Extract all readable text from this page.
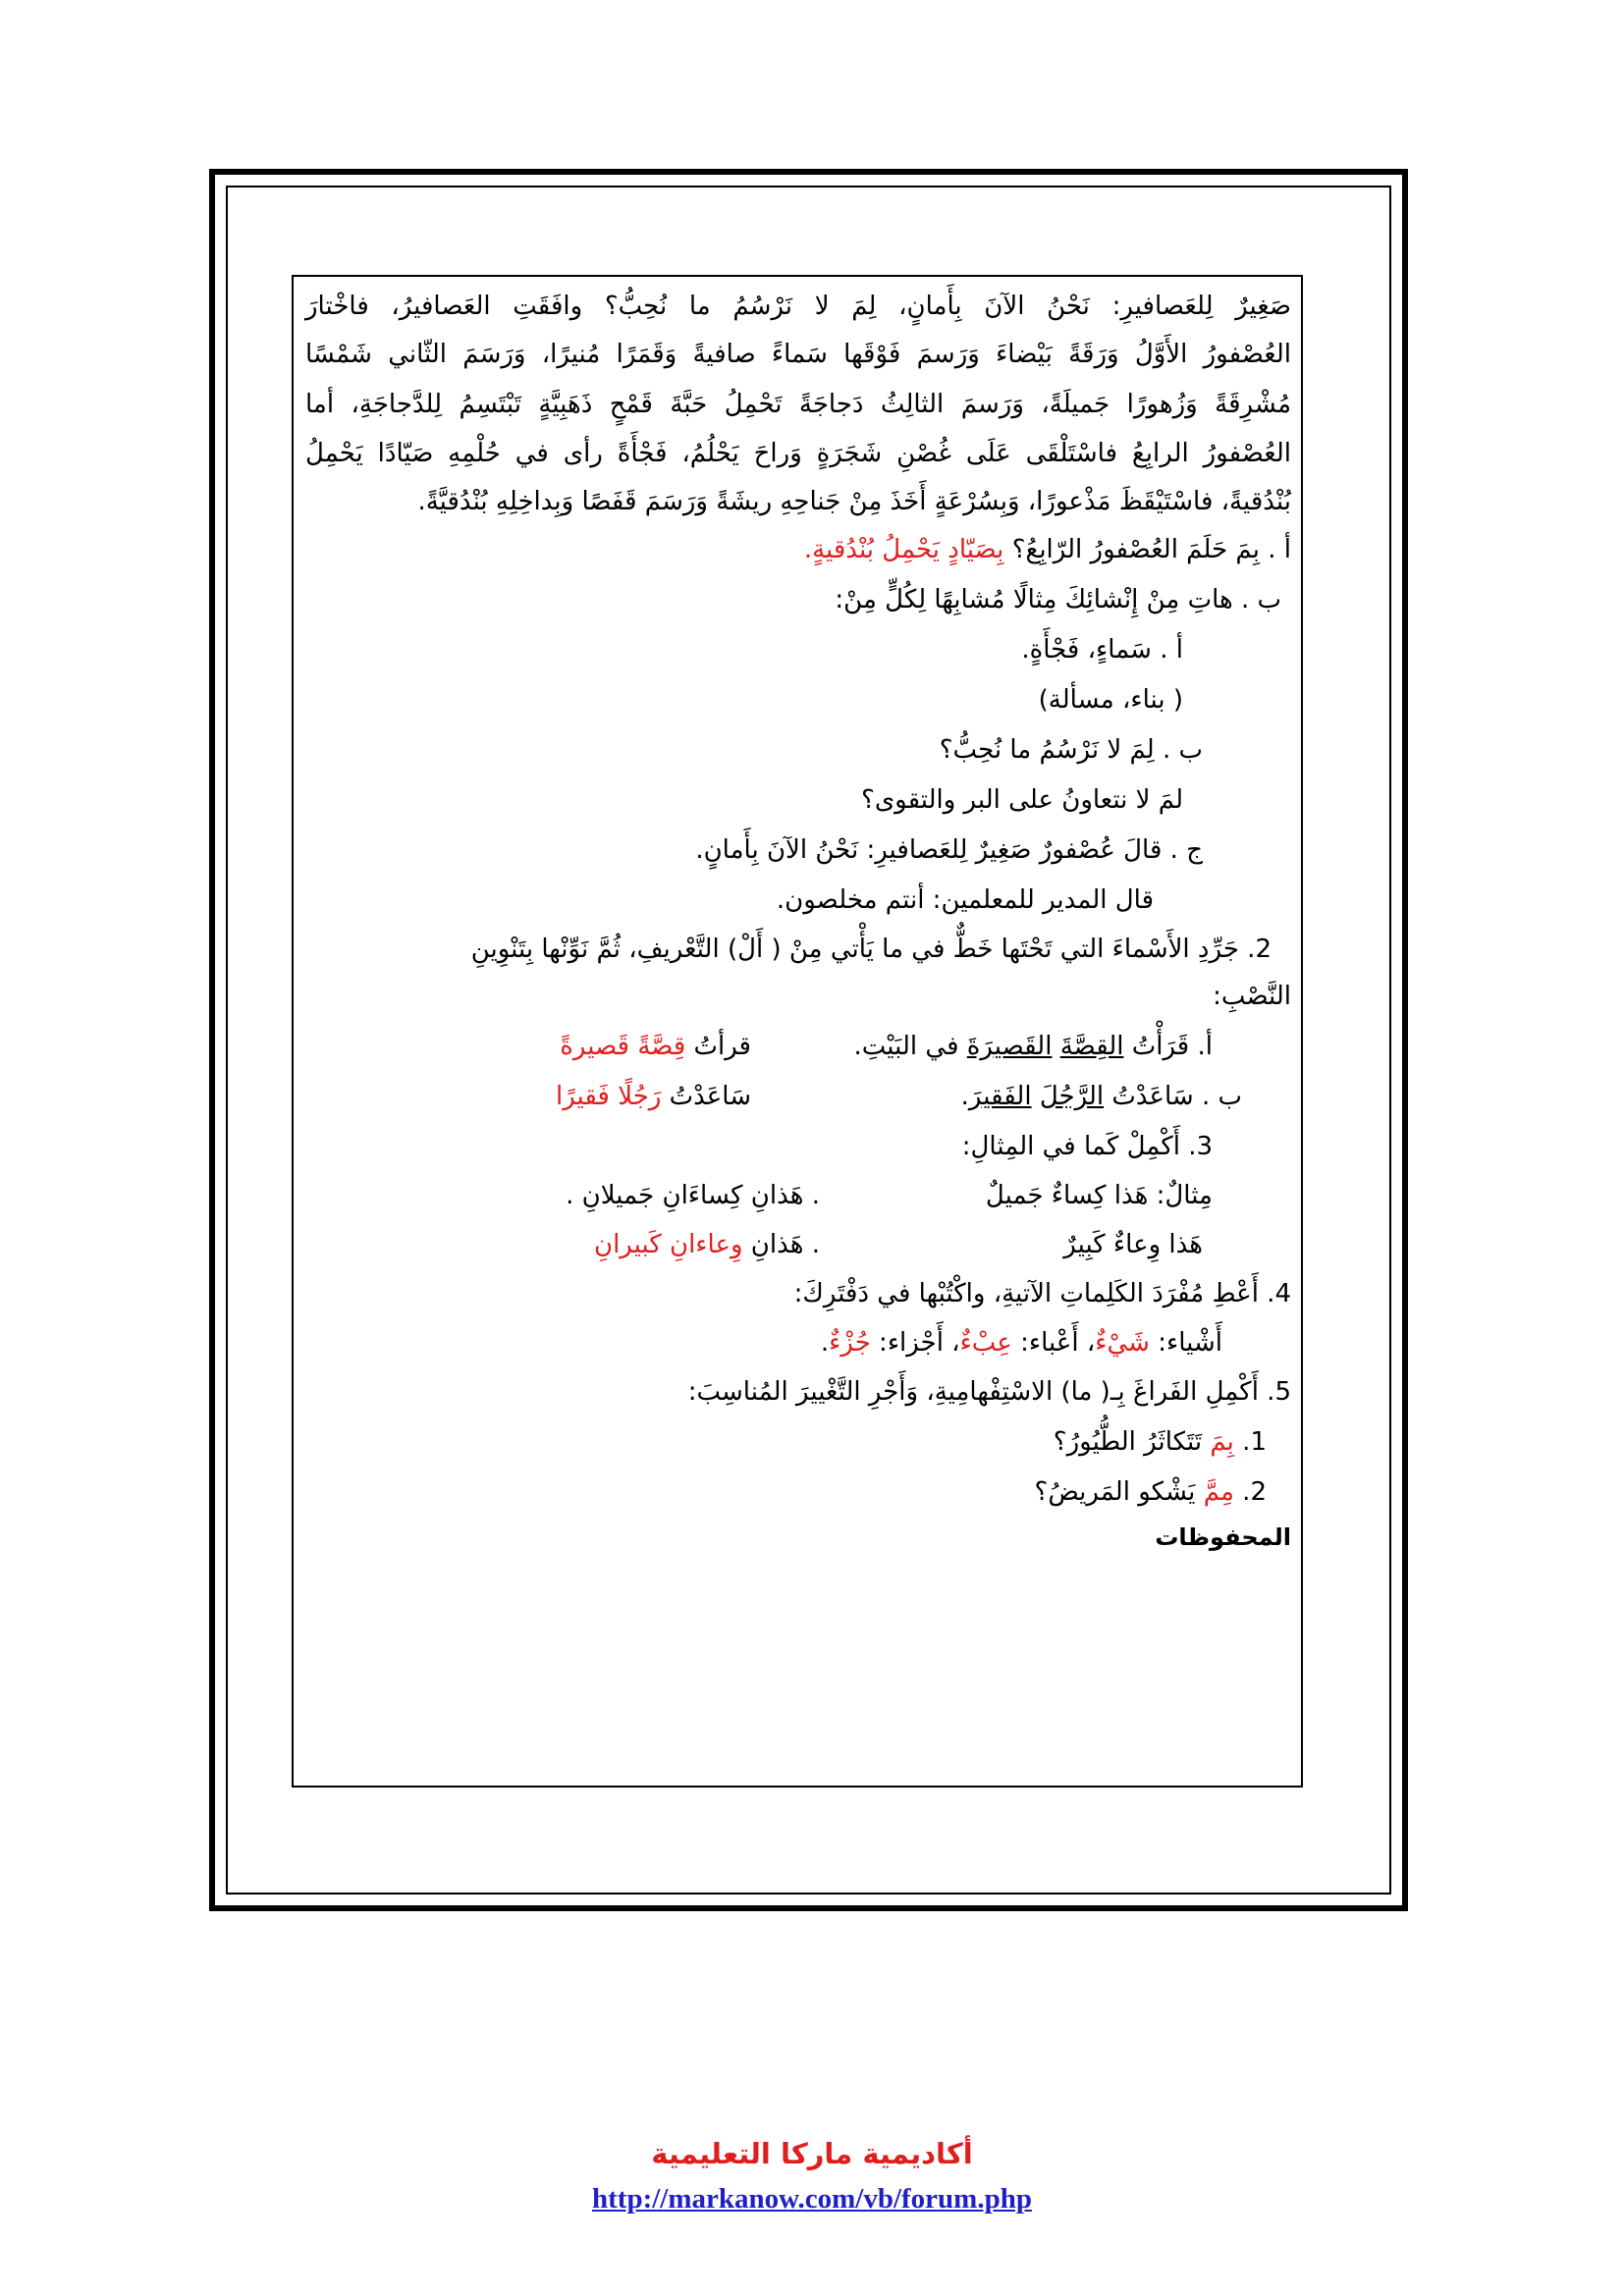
صَغِيرٌ لِلعَصافيرِ: نَحْنُ الآنَ بِأَمانٍ، لِمَ لا نَرْسُمُ ما نُحِبُّ؟ وافَقَتِ العَصافيرُ، فاخْتارَ
العُصْفورُ الأَوَّلُ وَرَقَةً بَيْضاءَ وَرَسمَ فَوْقَها سَماءً صافيةً وَقَمَرًا مُنيرًا، وَرَسَمَ الثّاني شَمْسًا
مُشْرِقَةً وَزُهورًا جَميلَةً، وَرَسمَ الثالِثُ دَجاجَةً تَحْمِلُ حَبَّةَ قَمْحٍ ذَهَبِيَّةٍ تَبْتَسِمُ لِلدَّجاجَةِ، أما
العُصْفورُ الرابِعُ فاسْتَلْقَى عَلَى غُصْنِ شَجَرَةٍ وَراحَ يَحْلُمُ، فَجْأَةً رأى في حُلْمِهِ صَيّادًا يَحْمِلُ
بُنْدُقيةً، فاسْتَيْقَظَ مَذْعورًا، وَبِسُرْعَةٍ أَخَذَ مِنْ جَناحِهِ ريشَةً وَرَسَمَ قَفَصًا وَبِداخِلِهِ بُنْدُقيَّةً.
أ . بِمَ حَلَمَ العُصْفورُ الرّابِعُ؟ بِصَيّادٍ يَحْمِلُ بُنْدُقيةٍ.
ب . هاتِ مِنْ إِنْشائِكَ مِثالًا مُشابِهًا لِكُلٍّ مِنْ:
أ . سَماءٍ، فَجْأَةٍ.
( بناء، مسألة)
ب . لِمَ لا نَرْسُمُ ما نُحِبُّ؟
لمَ لا نتعاونُ على البر والتقوى؟
ج . قالَ عُصْفورٌ صَغِيرٌ لِلعَصافيرِ: نَحْنُ الآنَ بِأَمانٍ.
قال المدير للمعلمين: أنتم مخلصون.
2. جَرِّدِ الأَسْماءَ التي تَحْتَها خَطٌّ في ما يَأْتي مِنْ ( أَلْ) التَّعْريفِ، ثُمَّ نَوِّنْها بِتَنْوِينِ
النَّصْبِ:
أ. قَرَأْتُ القِصَّةَ القَصيرَةَ في البَيْتِ.
قرأتُ قِصَّةً قَصيرةً
ب . سَاعَدْتُ الرَّجُلَ الفَقيرَ.
سَاعَدْتُ رَجُلًا فَقيرًا
3. أَكْمِلْ كَما في المِثالِ:
مِثالٌ: هَذا كِساءٌ جَميلٌ
. هَذانِ كِساءَانِ جَميلانِ .
هَذا وِعاءٌ كَبِيرٌ
. هَذانِ وِعاءانِ كَبيرانِ
4. أَعْطِ مُفْرَدَ الكَلِماتِ الآتيةِ، واكْتُبْها في دَفْتَرِكَ:
أَشْياء: شَيْءٌ، أَعْباء: عِبْءٌ، أَجْزاء: جُزْءٌ.
5. أَكْمِلِ الفَراغَ بِـ( ما) الاسْتِفْهامِيةِ، وَأَجْرِ التَّغْييرَ المُناسِبَ:
1. بِمَ تَتَكاثَرُ الطُّيُورُ؟
2. مِمَّ يَشْكو المَريضُ؟
المحفوظات
أكاديمية ماركا التعليمية
http://markanow.com/vb/forum.php
